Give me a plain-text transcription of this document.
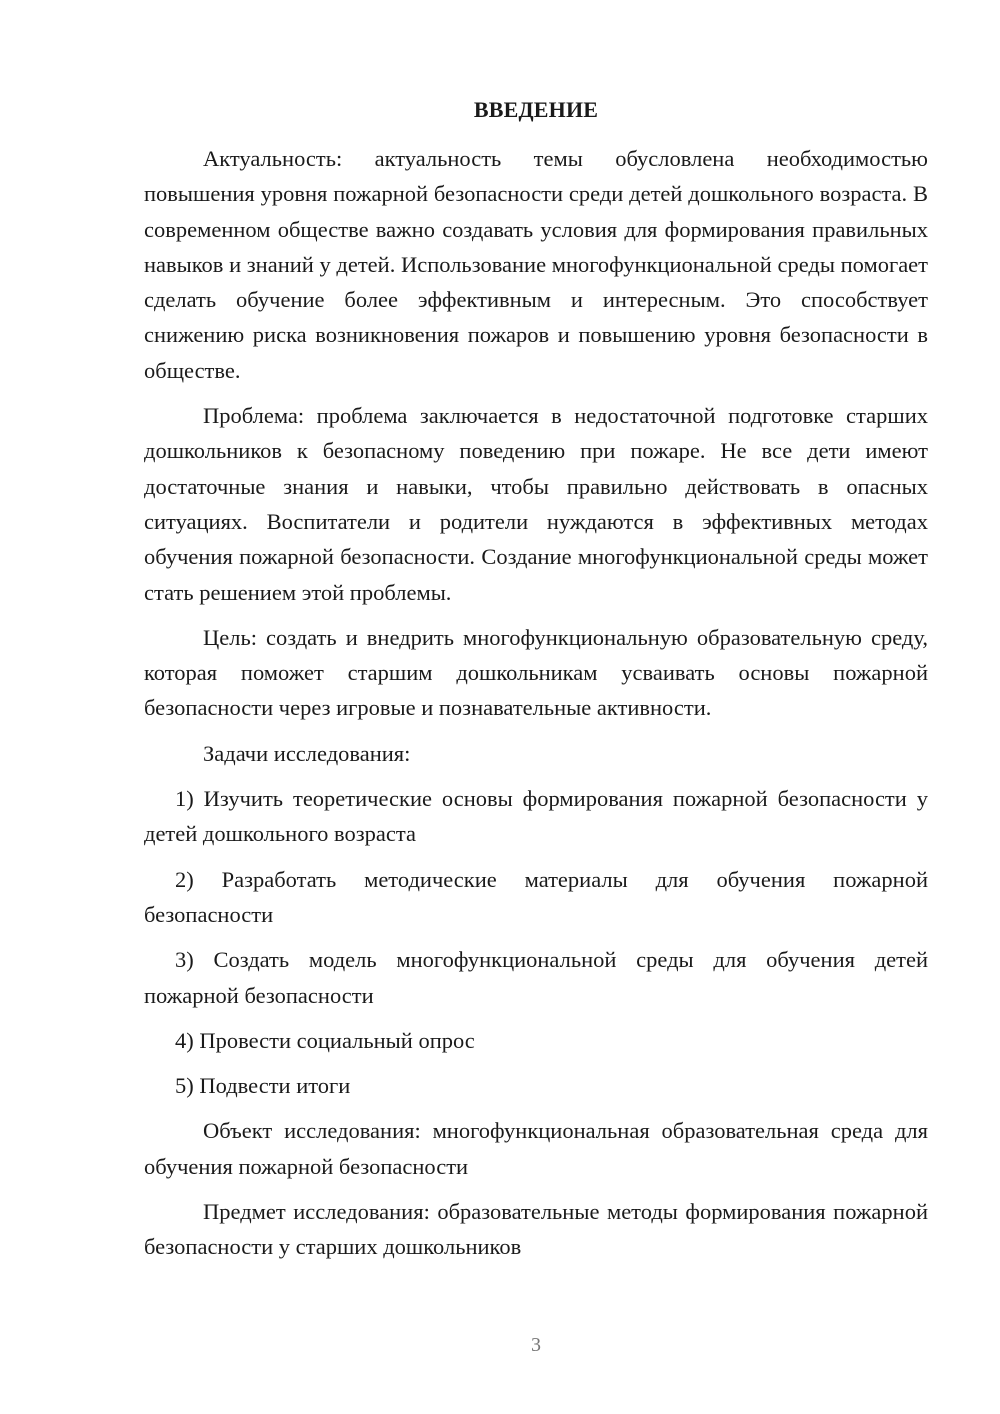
ВВЕДЕНИЕ

Актуальность: актуальность темы обусловлена необходимостью повышения уровня пожарной безопасности среди детей дошкольного возраста. В современном обществе важно создавать условия для формирования правильных навыков и знаний у детей. Использование многофункциональной среды помогает сделать обучение более эффективным и интересным. Это способствует снижению риска возникновения пожаров и повышению уровня безопасности в обществе.

Проблема: проблема заключается в недостаточной подготовке старших дошкольников к безопасному поведению при пожаре. Не все дети имеют достаточные знания и навыки, чтобы правильно действовать в опасных ситуациях. Воспитатели и родители нуждаются в эффективных методах обучения пожарной безопасности. Создание многофункциональной среды может стать решением этой проблемы.

Цель: создать и внедрить многофункциональную образовательную среду, которая поможет старшим дошкольникам усваивать основы пожарной безопасности через игровые и познавательные активности.

Задачи исследования:

1) Изучить теоретические основы формирования пожарной безопасности у детей дошкольного возраста

2) Разработать методические материалы для обучения пожарной безопасности

3) Создать модель многофункциональной среды для обучения детей пожарной безопасности

4) Провести социальный опрос

5) Подвести итоги

Объект исследования: многофункциональная образовательная среда для обучения пожарной безопасности

Предмет исследования: образовательные методы формирования пожарной безопасности у старших дошкольников

3
